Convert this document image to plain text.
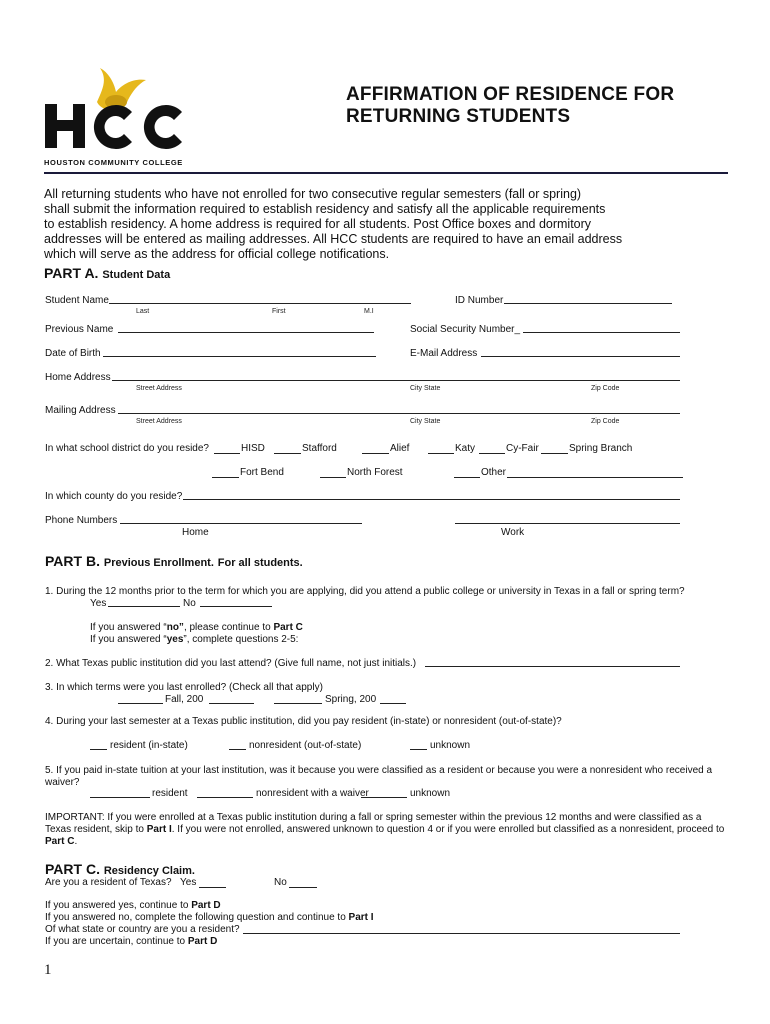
HOUSTON COMMUNITY COLLEGE
AFFIRMATION OF RESIDENCE FOR
RETURNING STUDENTS
All returning students who have not enrolled for two consecutive regular semesters (fall or spring)
shall submit the information required to establish residency and satisfy all the applicable requirements
to establish residency. A home address is required for all students. Post Office boxes and dormitory
addresses will be entered as mailing addresses. All HCC students are required to have an email address
which will serve as the address for official college notifications.
PART A. Student Data
Student Name
Last	First	M.I
ID Number
Previous Name	Social Security Number_
Date of Birth	E-Mail Address
Home Address
Street Address	City State	Zip Code
Mailing Address
Street Address	City State	Zip Code
In what school district do you reside?	HISD	Stafford	Alief	Katy	Cy-Fair	Spring Branch
Fort Bend	North Forest	Other
In which county do you reside?
Phone Numbers
Home	Work
PART B. Previous Enrollment. For all students.
1. During the 12 months prior to the term for which you are applying, did you attend a public college or university in Texas in a fall or spring term?
Yes	No
If you answered “no”, please continue to Part C
If you answered “yes”, complete questions 2-5:
2. What Texas public institution did you last attend? (Give full name, not just initials.)
3. In which terms were you last enrolled? (Check all that apply)
Fall, 200	Spring, 200
4. During your last semester at a Texas public institution, did you pay resident (in-state) or nonresident (out-of-state)?
resident (in-state)	nonresident (out-of-state)	unknown
5. If you paid in-state tuition at your last institution, was it because you were classified as a resident or because you were a nonresident who received a waiver?
resident	nonresident with a waiver	unknown
IMPORTANT: If you were enrolled at a Texas public institution during a fall or spring semester within the previous 12 months and were classified as a Texas resident, skip to Part I. If you were not enrolled, answered unknown to question 4 or if you were enrolled but classified as a nonresident, proceed to Part C.
PART C. Residency Claim.
Are you a resident of Texas? Yes	No
If you answered yes, continue to Part D
If you answered no, complete the following question and continue to Part I
Of what state or country are you a resident?
If you are uncertain, continue to Part D
1
